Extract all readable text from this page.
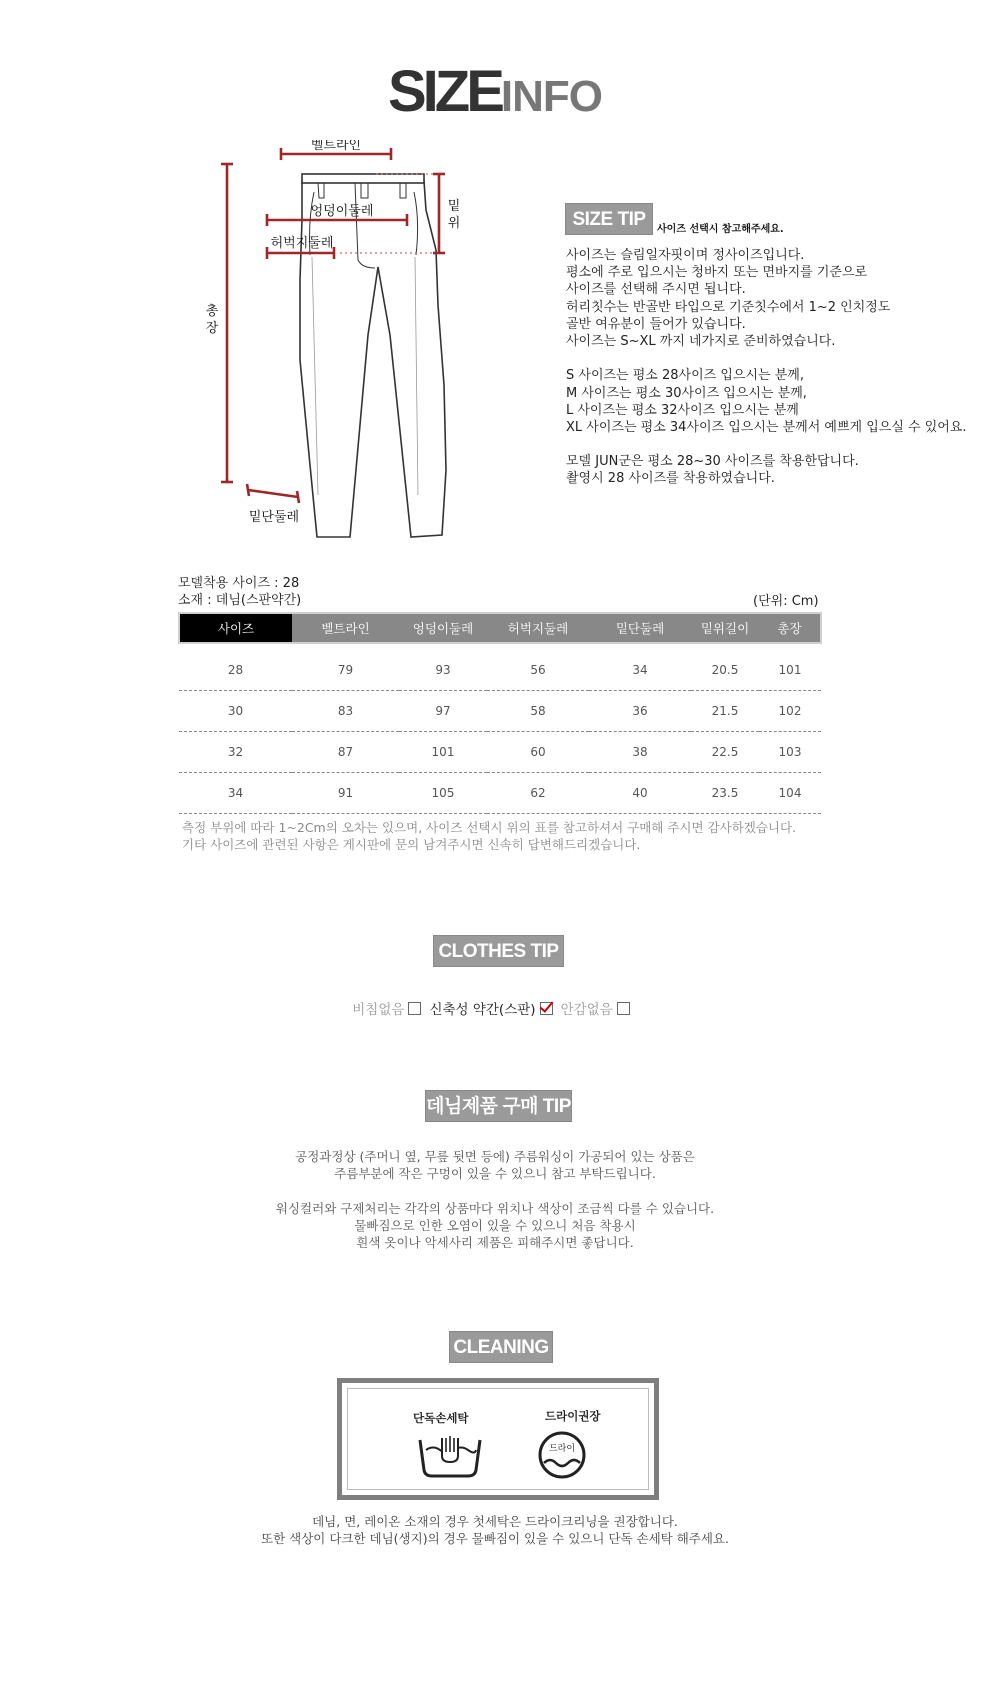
SIZEINFO
벨트라인
엉덩이둘레
허벅지둘레
밑
위
총
장
밑단둘레
SIZE TIP	사이즈 선택시 참고해주세요.
사이즈는 슬림일자핏이며 정사이즈입니다.
평소에 주로 입으시는 청바지 또는 면바지를 기준으로
사이즈를 선택해 주시면 됩니다.
허리칫수는 반골반 타입으로 기준칫수에서 1~2 인치정도
골반 여유분이 들어가 있습니다.
사이즈는 S~XL 까지 네가지로 준비하였습니다.
S 사이즈는 평소 28사이즈 입으시는 분께,
M 사이즈는 평소 30사이즈 입으시는 분께,
L 사이즈는 평소 32사이즈 입으시는 분께
XL 사이즈는 평소 34사이즈 입으시는 분께서 예쁘게 입으실 수 있어요.
모델 JUN군은 평소 28~30 사이즈를 착용한답니다.
촬영시 28 사이즈를 착용하였습니다.
모델착용 사이즈 : 28
소재 : 데님(스판약간)	(단위: Cm)
사이즈	벨트라인	엉덩이둘레	허벅지둘레	밑단둘레	밑위길이	총장
28	79	93	56	34	20.5	101
30	83	97	58	36	21.5	102
32	87	101	60	38	22.5	103
34	91	105	62	40	23.5	104
측정 부위에 따라 1~2Cm의 오차는 있으며, 사이즈 선택시 위의 표를 참고하셔서 구매해 주시면 감사하겠습니다.
기타 사이즈에 관련된 사항은 게시판에 문의 남겨주시면 신속히 답변해드리겠습니다.
CLOTHES TIP
비침없음 신축성 약간(스판) 안감없음
데님제품 구매 TIP
공정과정상 (주머니 옆, 무릎 뒷면 등에) 주름워싱이 가공되어 있는 상품은
주름부분에 작은 구멍이 있을 수 있으니 참고 부탁드립니다.
워싱컬러와 구제처리는 각각의 상품마다 위치나 색상이 조금씩 다를 수 있습니다.
물빠짐으로 인한 오염이 있을 수 있으니 처음 착용시
흰색 옷이나 악세사리 제품은 피해주시면 좋답니다.
CLEANING
단독손세탁	드라이권장
드라이
데님, 면, 레이온 소재의 경우 첫세탁은 드라이크리닝을 권장합니다.
또한 색상이 다크한 데님(생지)의 경우 물빠짐이 있을 수 있으니 단독 손세탁 해주세요.
